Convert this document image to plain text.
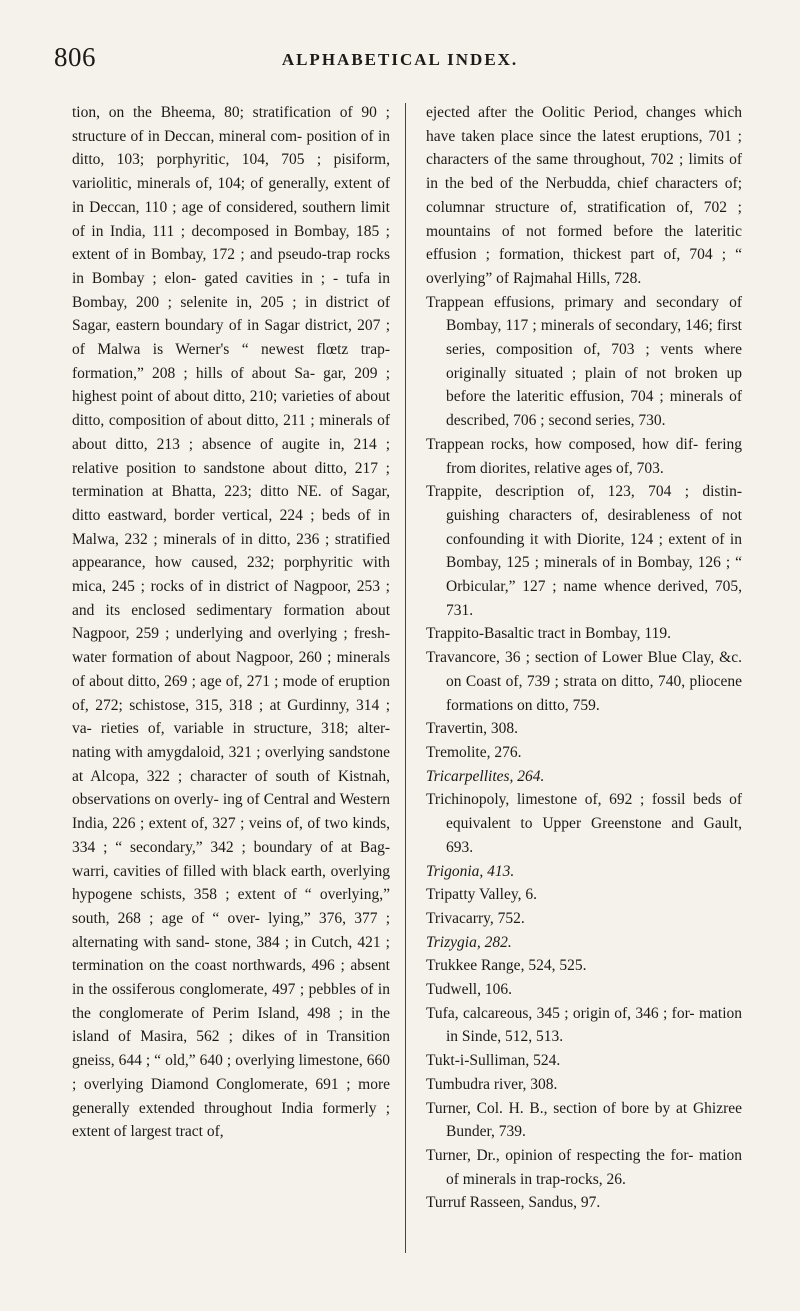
806	ALPHABETICAL INDEX.

tion, on the Bheema, 80; stratification of 90 ; structure of in Deccan, mineral com- position of in ditto, 103; porphyritic, 104, 705 ; pisiform, variolitic, minerals of, 104; of generally, extent of in Deccan, 110 ; age of considered, southern limit of in India, 111 ; decomposed in Bombay, 185 ; extent of in Bombay, 172 ; and pseudo-trap rocks in Bombay ; elon- gated cavities in ; - tufa in Bombay, 200 ; selenite in, 205 ; in district of Sagar, eastern boundary of in Sagar district, 207 ; of Malwa is Werner's “ newest flœtz trap-formation,” 208 ; hills of about Sa- gar, 209 ; highest point of about ditto, 210; varieties of about ditto, composition of about ditto, 211 ; minerals of about ditto, 213 ; absence of augite in, 214 ; relative position to sandstone about ditto, 217 ; termination at Bhatta, 223; ditto NE. of Sagar, ditto eastward, border vertical, 224 ; beds of in Malwa, 232 ; minerals of in ditto, 236 ; stratified appearance, how caused, 232; porphyritic with mica, 245 ; rocks of in district of Nagpoor, 253 ; and its enclosed sedimentary formation about Nagpoor, 259 ; underlying and overlying ; fresh-water formation of about Nagpoor, 260 ; minerals of about ditto, 269 ; age of, 271 ; mode of eruption of, 272; schistose, 315, 318 ; at Gurdinny, 314 ; va- rieties of, variable in structure, 318; alter- nating with amygdaloid, 321 ; overlying sandstone at Alcopa, 322 ; character of south of Kistnah, observations on overly- ing of Central and Western India, 226 ; extent of, 327 ; veins of, of two kinds, 334 ; “ secondary,” 342 ; boundary of at Bag- warri, cavities of filled with black earth, overlying hypogene schists, 358 ; extent of “ overlying,” south, 268 ; age of “ over- lying,” 376, 377 ; alternating with sand- stone, 384 ; in Cutch, 421 ; termination on the coast northwards, 496 ; absent in the ossiferous conglomerate, 497 ; pebbles of in the conglomerate of Perim Island, 498 ; in the island of Masira, 562 ; dikes of in Transition gneiss, 644 ; “ old,” 640 ; overlying limestone, 660 ; overlying Diamond Conglomerate, 691 ; more generally extended throughout India formerly ; extent of largest tract of,

ejected after the Oolitic Period, changes which have taken place since the latest eruptions, 701 ; characters of the same throughout, 702 ; limits of in the bed of the Nerbudda, chief characters of; columnar structure of, stratification of, 702 ; mountains of not formed before the lateritic effusion ; formation, thickest part of, 704 ; “ overlying” of Rajmahal Hills, 728.

Trappean effusions, primary and secondary of Bombay, 117 ; minerals of secondary, 146; first series, composition of, 703 ; vents where originally situated ; plain of not broken up before the lateritic effusion, 704 ; minerals of described, 706 ; second series, 730.

Trappean rocks, how composed, how dif- fering from diorites, relative ages of, 703.

Trappite, description of, 123, 704 ; distin- guishing characters of, desirableness of not confounding it with Diorite, 124 ; extent of in Bombay, 125 ; minerals of in Bombay, 126 ; “ Orbicular,” 127 ; name whence derived, 705, 731.

Trappito-Basaltic tract in Bombay, 119.

Travancore, 36 ; section of Lower Blue Clay, &c. on Coast of, 739 ; strata on ditto, 740, pliocene formations on ditto, 759.

Travertin, 308.

Tremolite, 276.

Tricarpellites, 264.

Trichinopoly, limestone of, 692 ; fossil beds of equivalent to Upper Greenstone and Gault, 693.

Trigonia, 413.

Tripatty Valley, 6.

Trivacarry, 752.

Trizygia, 282.

Trukkee Range, 524, 525.

Tudwell, 106.

Tufa, calcareous, 345 ; origin of, 346 ; for- mation in Sinde, 512, 513.

Tukt-i-Sulliman, 524.

Tumbudra river, 308.

Turner, Col. H. B., section of bore by at Ghizree Bunder, 739.

Turner, Dr., opinion of respecting the for- mation of minerals in trap-rocks, 26.

Turruf Rasseen, Sandus, 97.
